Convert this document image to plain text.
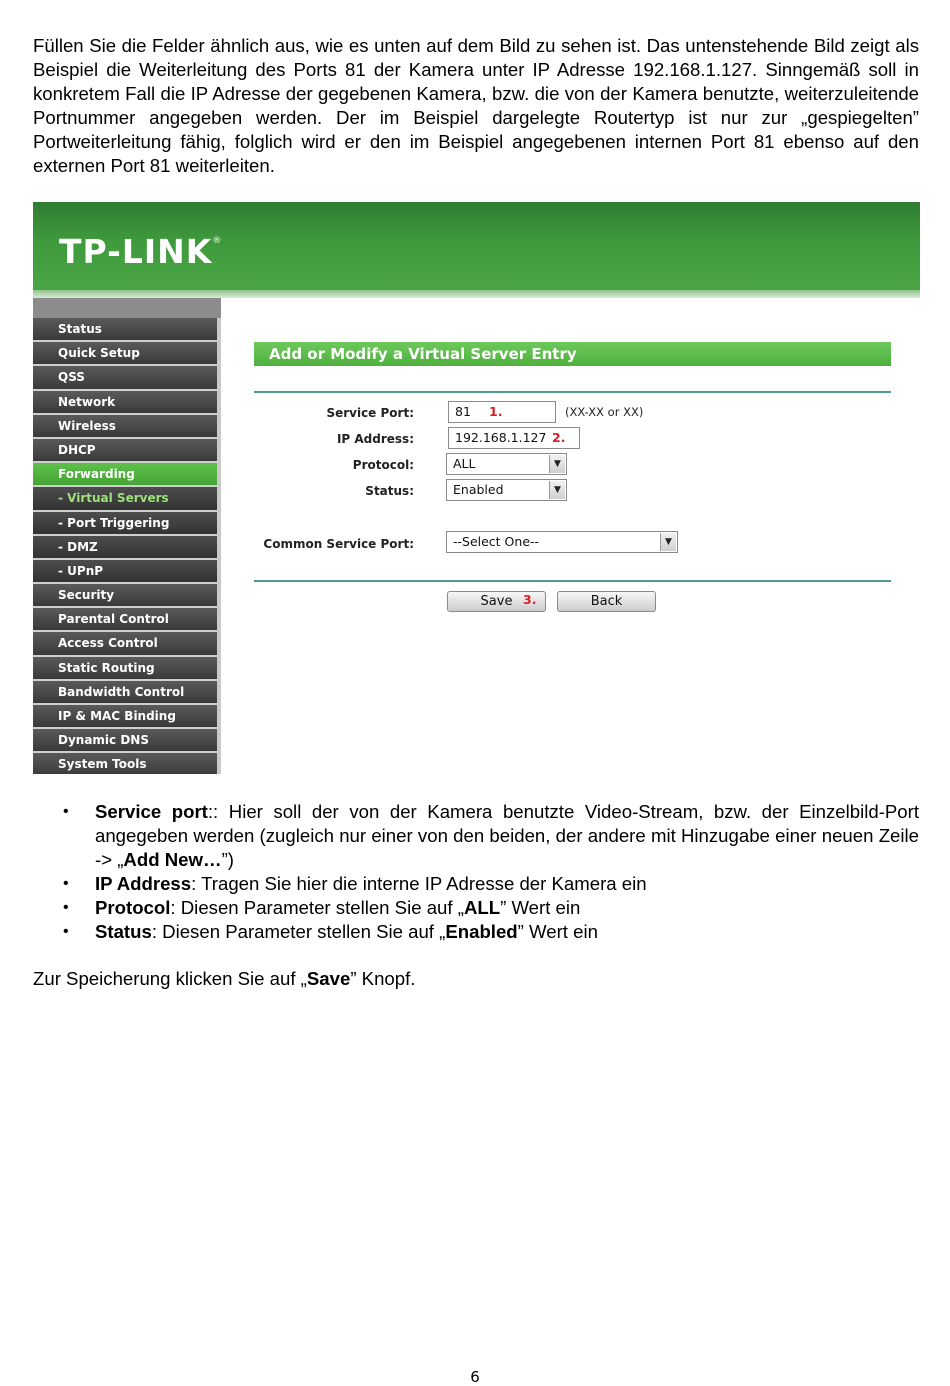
Füllen Sie die Felder ähnlich aus, wie es unten auf dem Bild zu sehen ist. Das untenstehende Bild zeigt als Beispiel die Weiterleitung des Ports 81 der Kamera unter IP Adresse 192.168.1.127. Sinngemäß soll in konkretem Fall die IP Adresse der gegebenen Kamera, bzw. die von der Kamera benutzte, weiterzuleitende Portnummer angegeben werden. Der im Beispiel dargelegte Routertyp ist nur zur „gespiegelten” Portweiterleitung fähig, folglich wird er den im Beispiel angegebenen internen Port 81 ebenso auf den externen Port 81 weiterleiten.

TP-LINK®
Status
Quick Setup
QSS
Network
Wireless
DHCP
Forwarding
- Virtual Servers
- Port Triggering
- DMZ
- UPnP
Security
Parental Control
Access Control
Static Routing
Bandwidth Control
IP & MAC Binding
Dynamic DNS
System Tools
Add or Modify a Virtual Server Entry
Service Port:	81	1.	(XX-XX or XX)
IP Address:	192.168.1.127 2.
Protocol:	ALL	▼
Status:	Enabled	▼
Common Service Port:	--Select One--	▼
Save 3.	Back
• Service port:: Hier soll der von der Kamera benutzte Video-Stream, bzw. der Einzelbild-Port angegeben werden (zugleich nur einer von den beiden, der andere mit Hinzugabe einer neuen Zeile -> „Add New…”)
• IP Address: Tragen Sie hier die interne IP Adresse der Kamera ein
• Protocol: Diesen Parameter stellen Sie auf „ALL” Wert ein
• Status: Diesen Parameter stellen Sie auf „Enabled” Wert ein

Zur Speicherung klicken Sie auf „Save” Knopf.

6
